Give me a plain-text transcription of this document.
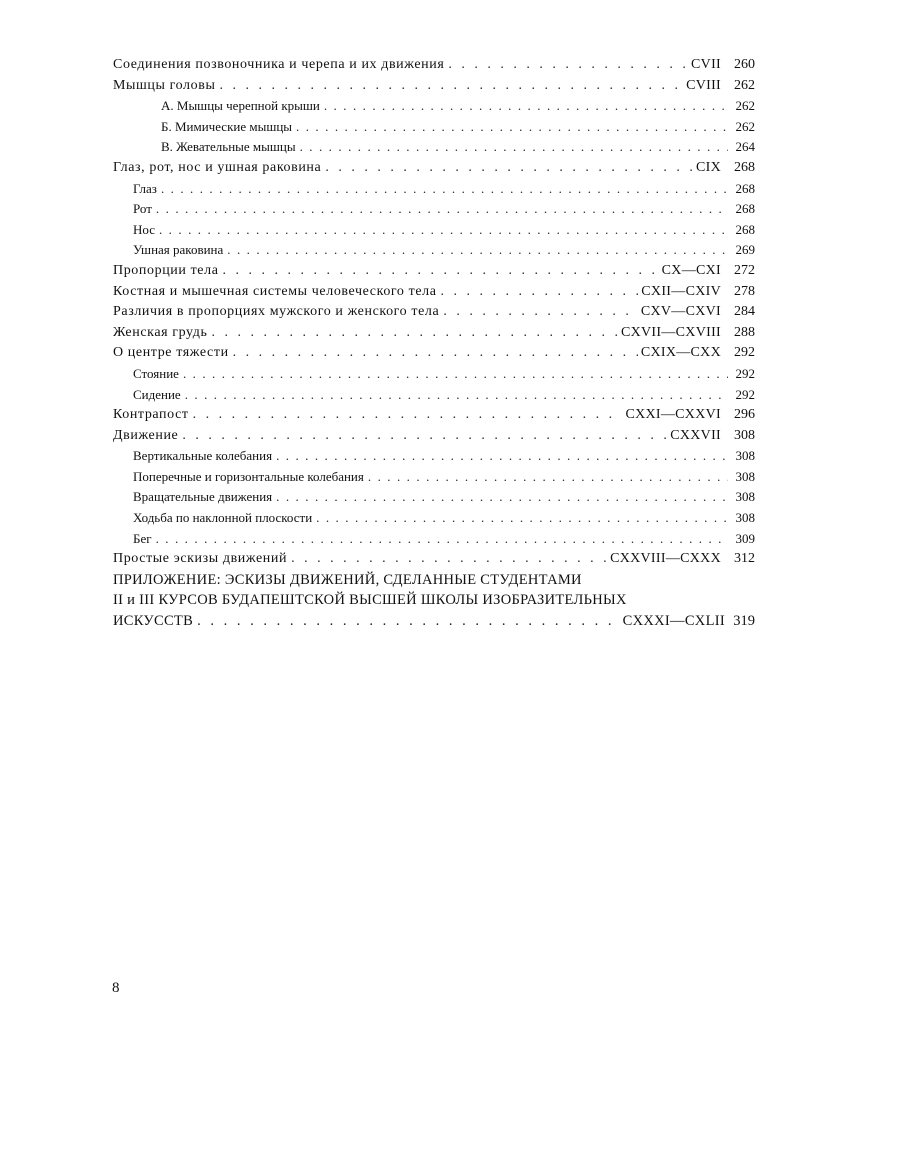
Соединения позвоночника и черепа и их движения . . .	CVII 260
Мышцы головы . . .	CVIII 262
А. Мышцы черепной крыши . . .	262
Б. Мимические мышцы . . .	262
В. Жевательные мышцы . . .	264
Глаз, рот, нос и ушная раковина . . .	CIX 268
Глаз . . .	268
Рот . . .	268
Нос . . .	268
Ушная раковина . . .	269
Пропорции тела . . .	CX—CXI 272
Костная и мышечная системы человеческого тела . . .	CXII—CXIV 278
Различия в пропорциях мужского и женского тела . . .	CXV—CXVI 284
Женская грудь . . .	CXVII—CXVIII 288
О центре тяжести . . .	CXIX—CXX 292
Стояние . . .	292
Сидение . . .	292
Контрапост . . .	CXXI—CXXVI 296
Движение . . .	CXXVII 308
Вертикальные колебания . . .	308
Поперечные и горизонтальные колебания . . .	308
Вращательные движения . . .	308
Ходьба по наклонной плоскости . . .	308
Бег . . .	309
Простые эскизы движений . . .	CXXVIII—CXXX 312
ПРИЛОЖЕНИЕ: ЭСКИЗЫ ДВИЖЕНИЙ, СДЕЛАННЫЕ СТУДЕНТАМИ
II и III КУРСОВ БУДАПЕШТСКОЙ ВЫСШЕЙ ШКОЛЫ ИЗОБРАЗИТЕЛЬНЫХ
ИСКУССТВ . . .	CXXXI—CXLII 319
8
